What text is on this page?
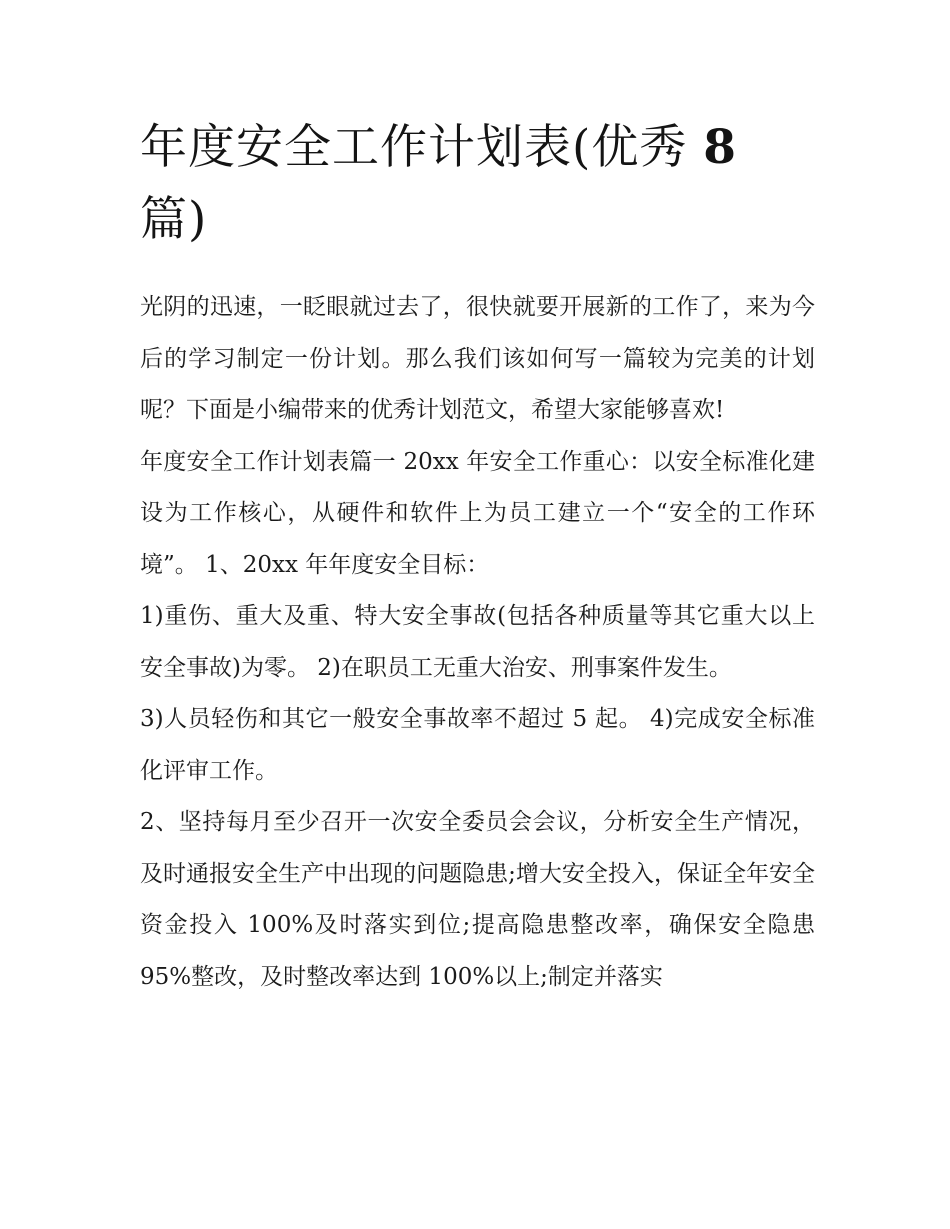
年度安全工作计划表(优秀 8
篇)

光阴的迅速，一眨眼就过去了，很快就要开展新的工作了，来为今后的学习制定一份计划。那么我们该如何写一篇较为完美的计划呢？下面是小编带来的优秀计划范文，希望大家能够喜欢!

年度安全工作计划表篇一 20xx 年安全工作重心：以安全标准化建设为工作核心，从硬件和软件上为员工建立一个“安全的工作环境”。 1、20xx 年年度安全目标：

1)重伤、重大及重、特大安全事故(包括各种质量等其它重大以上安全事故)为零。 2)在职员工无重大治安、刑事案件发生。

3)人员轻伤和其它一般安全事故率不超过 5 起。 4)完成安全标准化评审工作。

2、坚持每月至少召开一次安全委员会会议，分析安全生产情况，及时通报安全生产中出现的问题隐患;增大安全投入，保证全年安全资金投入 100%及时落实到位;提高隐患整改率，确保安全隐患 95%整改，及时整改率达到 100%以上;制定并落实
